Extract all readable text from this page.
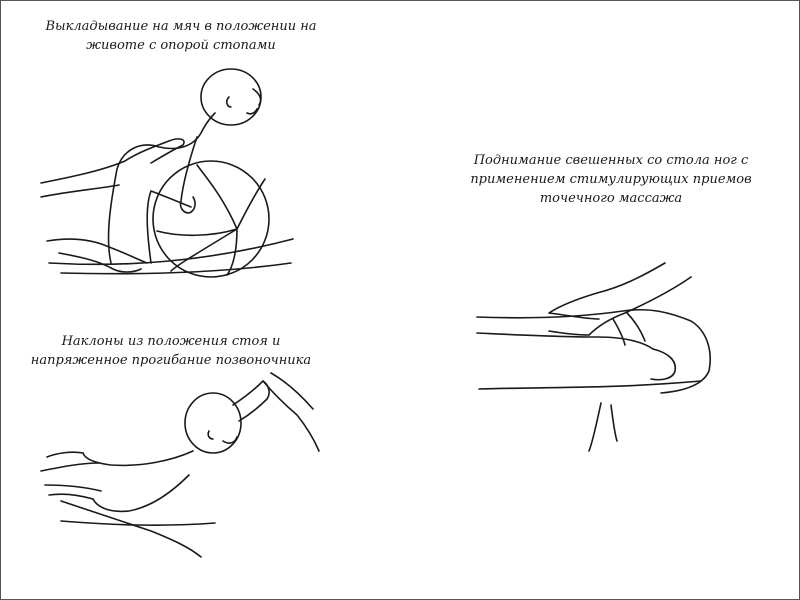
Выкладывание на мяч в положении на
животе с опорой стопами

Поднимание свешенных со стола ног с
применением стимулирующих приемов
точечного массажа

Наклоны из положения стоя и
напряженное прогибание позвоночника
